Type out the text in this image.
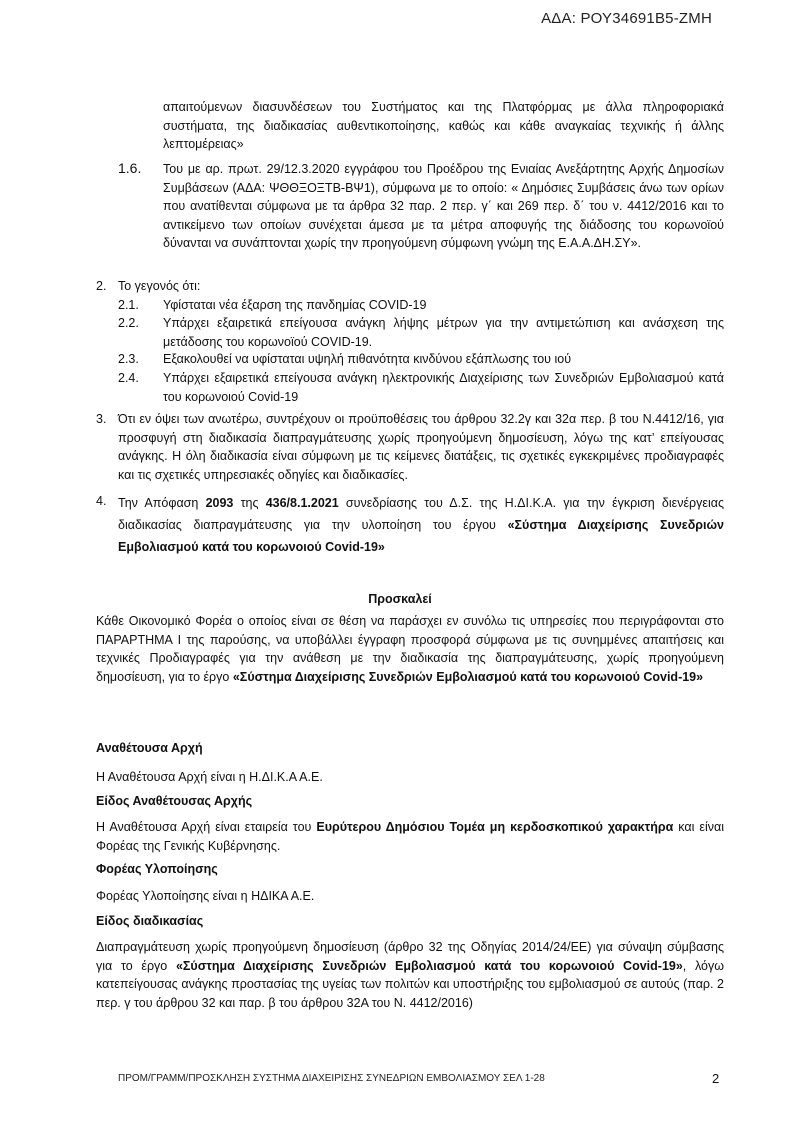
ΑΔΑ: ΡΟΥ34691Β5-ΖΜΗ
απαιτούμενων διασυνδέσεων του Συστήματος και της Πλατφόρμας με άλλα πληροφοριακά συστήματα, της διαδικασίας αυθεντικοποίησης, καθώς και κάθε αναγκαίας τεχνικής ή άλλης λεπτομέρειας»
1.6. Του με αρ. πρωτ. 29/12.3.2020 εγγράφου του Προέδρου της Ενιαίας Ανεξάρτητης Αρχής Δημοσίων Συμβάσεων (ΑΔΑ: ΨΘΘΞΟΞΤΒ-ΒΨ1), σύμφωνα με το οποίο: « Δημόσιες Συμβάσεις άνω των ορίων που ανατίθενται σύμφωνα με τα άρθρα 32 παρ. 2 περ. γ΄ και 269 περ. δ΄ του ν. 4412/2016 και το αντικείμενο των οποίων συνέχεται άμεσα με τα μέτρα αποφυγής της διάδοσης του κορωνοϊού δύνανται να συνάπτονται χωρίς την προηγούμενη σύμφωνη γνώμη της Ε.Α.Α.ΔΗ.ΣΥ».
2. Το γεγονός ότι:
2.1. Υφίσταται νέα έξαρση της πανδημίας COVID-19
2.2. Υπάρχει εξαιρετικά επείγουσα ανάγκη λήψης μέτρων για την αντιμετώπιση και ανάσχεση της μετάδοσης του κορωνοϊού COVID-19.
2.3. Εξακολουθεί να υφίσταται υψηλή πιθανότητα κινδύνου εξάπλωσης του ιού
2.4. Υπάρχει εξαιρετικά επείγουσα ανάγκη ηλεκτρονικής Διαχείρισης των Συνεδριών Εμβολιασμού κατά του κορωνοιού Covid-19
3. Ότι εν όψει των ανωτέρω, συντρέχουν οι προϋποθέσεις του άρθρου 32.2γ και 32α περ. β του Ν.4412/16, για προσφυγή στη διαδικασία διαπραγμάτευσης χωρίς προηγούμενη δημοσίευση, λόγω της κατ’ επείγουσας ανάγκης. Η όλη διαδικασία είναι σύμφωνη με τις κείμενες διατάξεις, τις σχετικές εγκεκριμένες προδιαγραφές και τις σχετικές υπηρεσιακές οδηγίες και διαδικασίες.
4. Την Απόφαση 2093 της 436/8.1.2021 συνεδρίασης του Δ.Σ. της Η.ΔΙ.Κ.Α. για την έγκριση διενέργειας διαδικασίας διαπραγμάτευσης για την υλοποίηση του έργου «Σύστημα Διαχείρισης Συνεδριών Εμβολιασμού κατά του κορωνοιού Covid-19»
Προσκαλεί
Κάθε Οικονομικό Φορέα ο οποίος είναι σε θέση να παράσχει εν συνόλω τις υπηρεσίες που περιγράφονται στο ΠΑΡΑΡΤΗΜΑ Ι της παρούσης, να υποβάλλει έγγραφη προσφορά σύμφωνα με τις συνημμένες απαιτήσεις και τεχνικές Προδιαγραφές για την ανάθεση με την διαδικασία της διαπραγμάτευσης, χωρίς προηγούμενη δημοσίευση, για το έργο «Σύστημα Διαχείρισης Συνεδριών Εμβολιασμού κατά του κορωνοιού Covid-19»
Αναθέτουσα Αρχή
Η Αναθέτουσα Αρχή είναι η Η.ΔΙ.Κ.Α Α.Ε.
Είδος Αναθέτουσας Αρχής
Η Αναθέτουσα Αρχή είναι εταιρεία του Ευρύτερου Δημόσιου Τομέα μη κερδοσκοπικού χαρακτήρα και είναι Φορέας της Γενικής Κυβέρνησης.
Φορέας Υλοποίησης
Φορέας Υλοποίησης είναι η ΗΔΙΚΑ Α.Ε.
Είδος διαδικασίας
Διαπραγμάτευση χωρίς προηγούμενη δημοσίευση (άρθρο 32 της Οδηγίας 2014/24/ΕΕ) για σύναψη σύμβασης για το έργο «Σύστημα Διαχείρισης Συνεδριών Εμβολιασμού κατά του κορωνοιού Covid-19», λόγω κατεπείγουσας ανάγκης προστασίας της υγείας των πολιτών και υποστήριξης του εμβολιασμού σε αυτούς (παρ. 2 περ. γ του άρθρου 32 και παρ. β του άρθρου 32Α του Ν. 4412/2016)
ΠΡΟΜ/ΓΡΑΜΜ/ΠΡΟΣΚΛΗΣΗ ΣΥΣΤΗΜΑ ΔΙΑΧΕΙΡΙΣΗΣ ΣΥΝΕΔΡΙΩΝ ΕΜΒΟΛΙΑΣΜΟΥ ΣΕΛ 1-28	2
